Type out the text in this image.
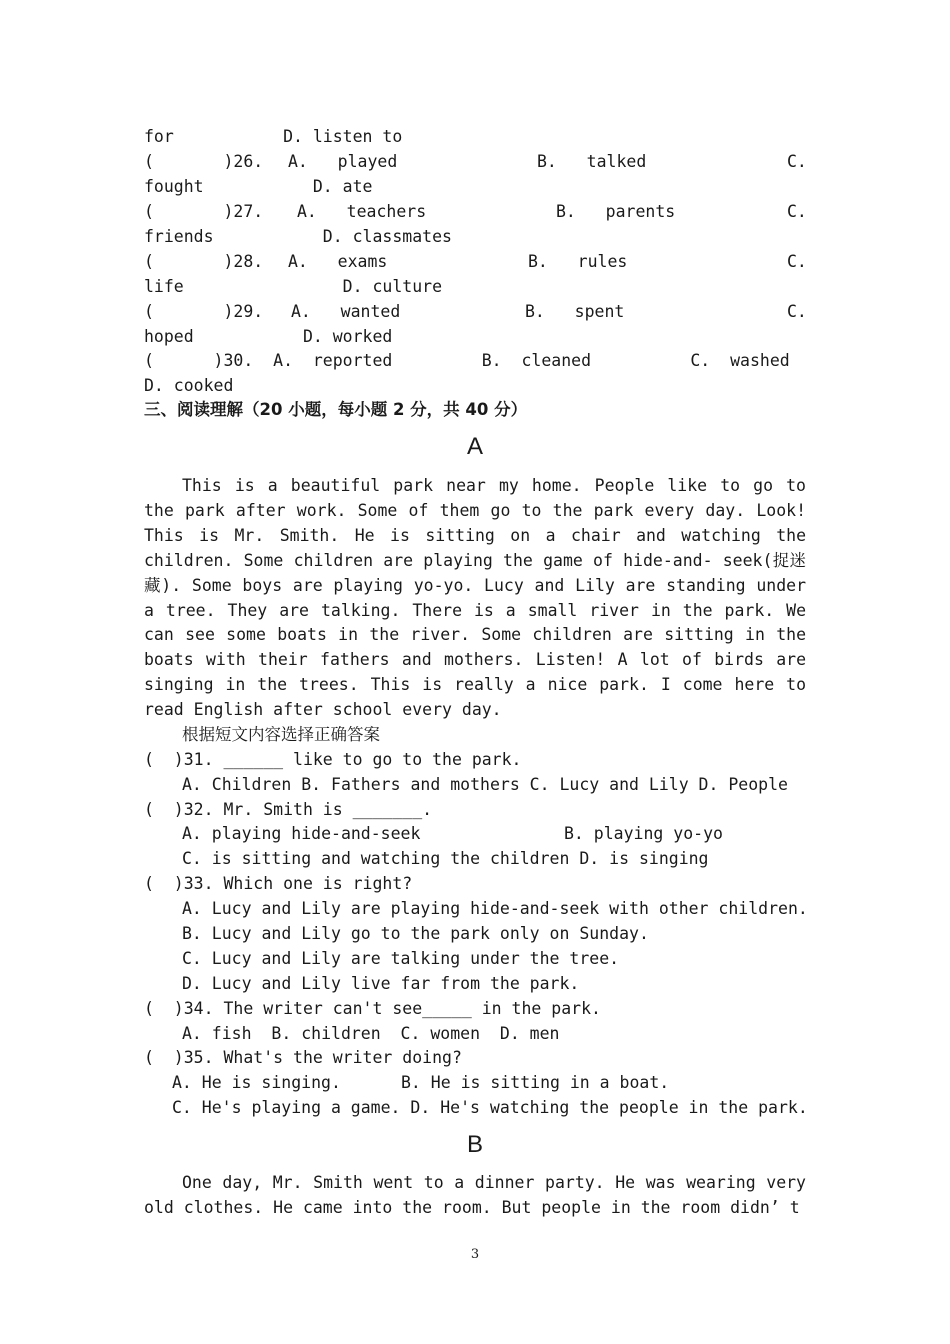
for           D. listen to
(       )26. A.   played	B.   talked	C.
fought           D. ate
(       )27. A.   teachers	B.   parents	C.
friends           D. classmates
(       )28. A.   exams	B.   rules	C.
life                D. culture
(       )29. A.   wanted	B.   spent	C.
hoped           D. worked
(      )30.  A.  reported         B.  cleaned          C.  washed
D. cooked
三、阅读理解（20 小题，每小题 2 分，共 40 分）
A
This is a beautiful park near my home. People like to go to the park after work. Some of them go to the park every day. Look! This is Mr. Smith. He is sitting on a chair and watching the children. Some children are playing the game of hide-and- seek(捉迷藏). Some boys are playing yo-yo. Lucy and Lily are standing under a tree. They are talking. There is a small river in the park. We can see some boats in the river. Some children are sitting in the boats with their fathers and mothers. Listen! A lot of birds are singing in the trees. This is really a nice park. I come here to read English after school every day.
根据短文内容选择正确答案
(  )31. ______ like to go to the park.
A. Children B. Fathers and mothers C. Lucy and Lily D. People
(  )32. Mr. Smith is _______.
A. playing hide-and-seek	B. playing yo-yo
C. is sitting and watching the children D. is singing
(  )33. Which one is right?
A. Lucy and Lily are playing hide-and-seek with other children.
B. Lucy and Lily go to the park only on Sunday.
C. Lucy and Lily are talking under the tree.
D. Lucy and Lily live far from the park.
(  )34. The writer can't see_____ in the park.
A. fish  B. children  C. women  D. men
(  )35. What's the writer doing?
A. He is singing.	B. He is sitting in a boat.
C. He's playing a game. D. He's watching the people in the park.
B
One day, Mr. Smith went to a dinner party. He was wearing very old clothes. He came into the room. But people in the room didn’ t
3
